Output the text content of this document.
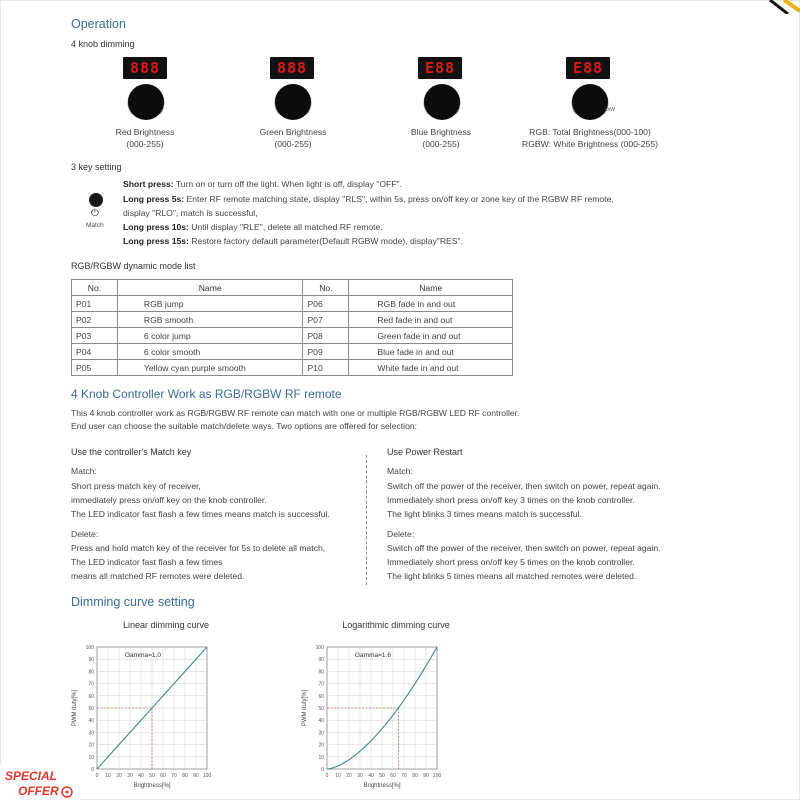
Operation
4 knob dimming
888
Red Brightness
(000-255)
888
Green Brightness
(000-255)
E88
Blue Brightness
(000-255)
E88
O/W
RGB: Total Brightness(000-100)
RGBW: White Brightness (000-255)
3 key setting
⏻
Match
Short press: Turn on or turn off the light. When light is off, display "OFF".
Long press 5s: Enter RF remote matching state, display "RLS", within 5s, press on/off key or zone key of the RGBW RF remote,
display "RLO", match is successful,
Long press 10s: Until display "RLE", delete all matched RF remote.
Long press 15s: Restore factory default parameter(Default RGBW mode), display"RES".
RGB/RGBW dynamic mode list
No.	Name	No.	Name
P01	RGB jump	P06	RGB fade in and out
P02	RGB smooth	P07	Red fade in and out
P03	6 color jump	P08	Green fade in and out
P04	6 color smooth	P09	Blue fade in and out
P05	Yellow cyan purple smooth	P10	White fade in and out
4 Knob Controller Work as RGB/RGBW RF remote
This 4 knob controller work as RGB/RGBW RF remote can match with one or multiple RGB/RGBW LED RF controller.
End user can choose the suitable match/delete ways. Two options are offered for selection:
Use the controller's Match key
Match:
Short press match key of receiver,
immediately press on/off key on the knob controller.
The LED indicator fast flash a few times means match is successful.
Delete:
Press and hold match key of the receiver for 5s to delete all match,
The LED indicator fast flash a few times
means all matched RF remotes were deleted.
Use Power Restart
Match:
Switch off the power of the receiver, then switch on power, repeat again.
Immediately short press on/off key 3 times on the knob controller.
The light blinks 3 times means match is successful.
Delete:
Switch off the power of the receiver, then switch on power, repeat again.
Immediately short press on/off key 5 times on the knob controller.
The light blinks 5 times means all matched remotes were deleted.
Dimming curve setting
Linear dimming curve
0 10 20 30 40 50 60 70 80 90 100
0
10
20
30
40
50
60
70
80
90
100
Brightness[%]
PWM duty[%]
Gamma=1.0
Logarithmic dimming curve
0 10 20 30 40 50 60 70 80 90 100
0
10
20
30
40
50
60
70
80
90
100
Brightness[%]
PWM duty[%]
Gamma=1.6
SPECIAL
OFFER
